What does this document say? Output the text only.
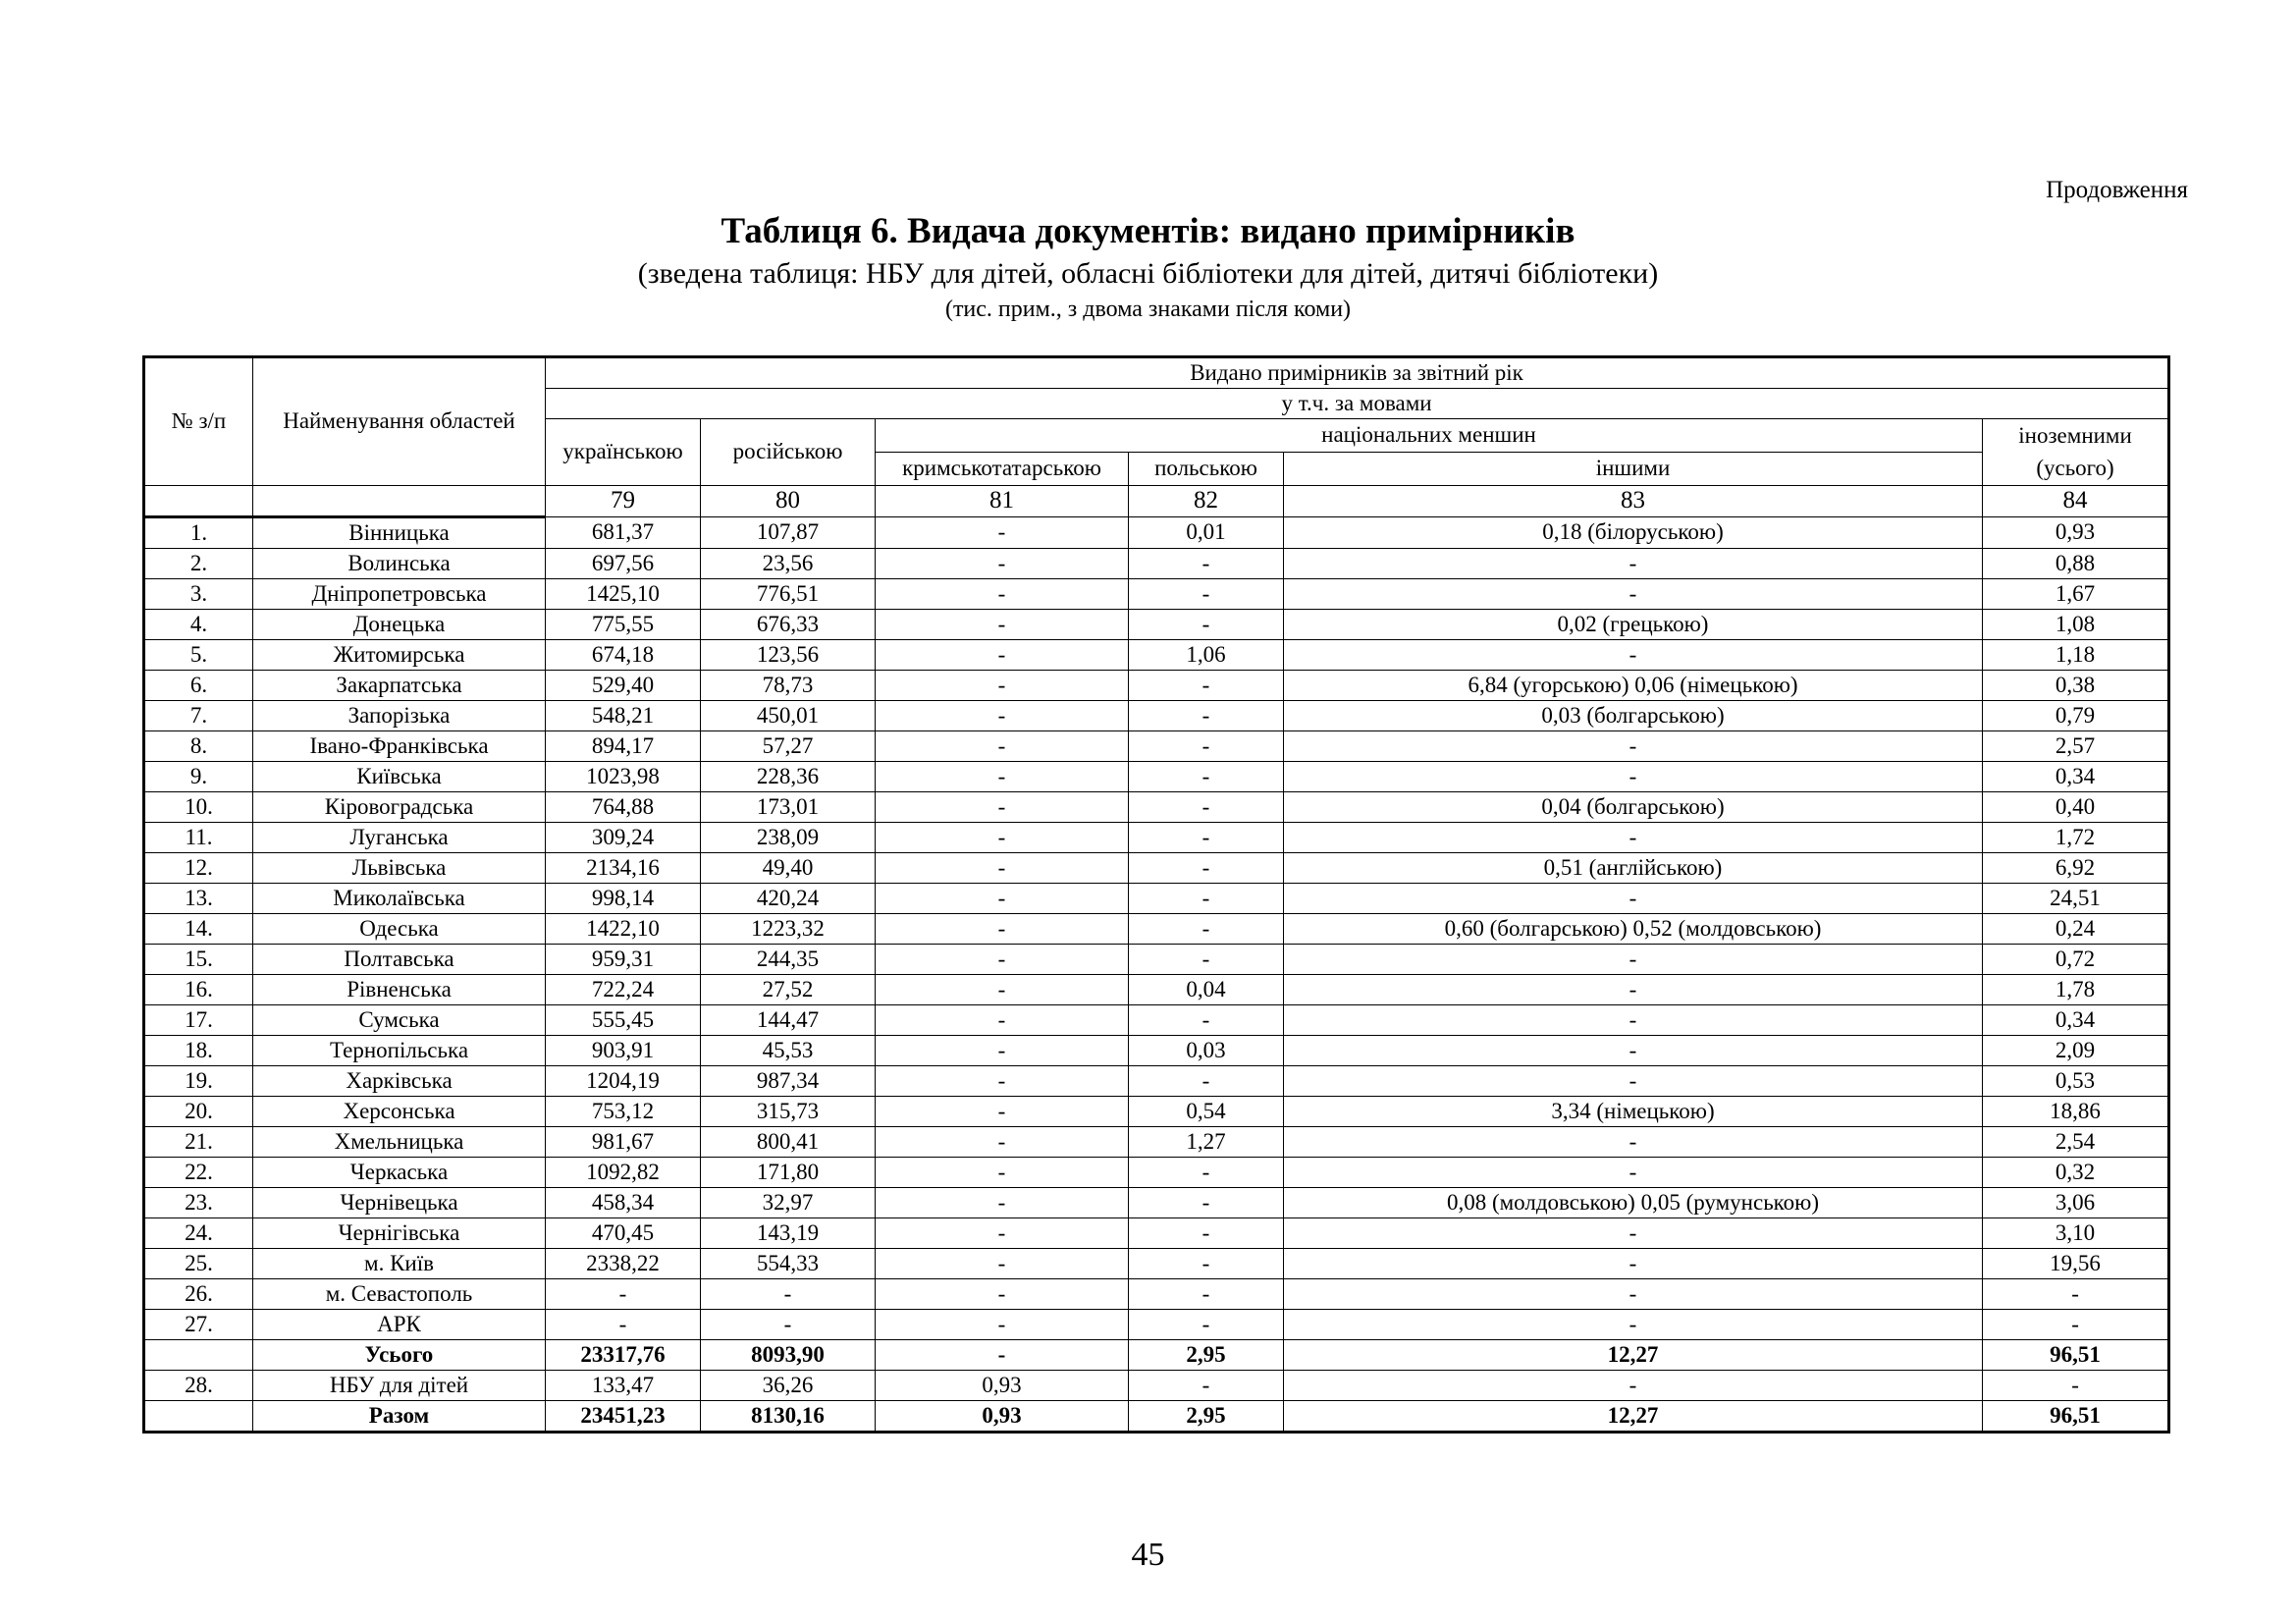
Продовження
Таблиця 6. Видача документів: видано примірників
(зведена таблиця: НБУ для дітей, обласні бібліотеки для дітей, дитячі бібліотеки)
(тис. прим., з двома знаками після коми)
№ з/п	Найменування областей	Видано примірників за звітний рік					
		у т.ч. за мовами					
		українською	російською	національних меншин			іноземними (усього)
				кримськотатарською	польською	іншими	
		79	80	81	82	83	84
1.	Вінницька	681,37	107,87	-	0,01	0,18 (білоруською)	0,93
2.	Волинська	697,56	23,56	-	-	-	0,88
3.	Дніпропетровська	1425,10	776,51	-	-	-	1,67
4.	Донецька	775,55	676,33	-	-	0,02 (грецькою)	1,08
5.	Житомирська	674,18	123,56	-	1,06	-	1,18
6.	Закарпатська	529,40	78,73	-	-	6,84 (угорською) 0,06 (німецькою)	0,38
7.	Запорізька	548,21	450,01	-	-	0,03 (болгарською)	0,79
8.	Івано-Франківська	894,17	57,27	-	-	-	2,57
9.	Київська	1023,98	228,36	-	-	-	0,34
10.	Кіровоградська	764,88	173,01	-	-	0,04 (болгарською)	0,40
11.	Луганська	309,24	238,09	-	-	-	1,72
12.	Львівська	2134,16	49,40	-	-	0,51 (англійською)	6,92
13.	Миколаївська	998,14	420,24	-	-	-	24,51
14.	Одеська	1422,10	1223,32	-	-	0,60 (болгарською) 0,52 (молдовською)	0,24
15.	Полтавська	959,31	244,35	-	-	-	0,72
16.	Рівненська	722,24	27,52	-	0,04	-	1,78
17.	Сумська	555,45	144,47	-	-	-	0,34
18.	Тернопільська	903,91	45,53	-	0,03	-	2,09
19.	Харківська	1204,19	987,34	-	-	-	0,53
20.	Херсонська	753,12	315,73	-	0,54	3,34 (німецькою)	18,86
21.	Хмельницька	981,67	800,41	-	1,27	-	2,54
22.	Черкаська	1092,82	171,80	-	-	-	0,32
23.	Чернівецька	458,34	32,97	-	-	0,08 (молдовською) 0,05 (румунською)	3,06
24.	Чернігівська	470,45	143,19	-	-	-	3,10
25.	м. Київ	2338,22	554,33	-	-	-	19,56
26.	м. Севастополь	-	-	-	-	-	-
27.	АРК	-	-	-	-	-	-
	Усього	23317,76	8093,90	-	2,95	12,27	96,51
28.	НБУ для дітей	133,47	36,26	0,93	-	-	-
	Разом	23451,23	8130,16	0,93	2,95	12,27	96,51
45
